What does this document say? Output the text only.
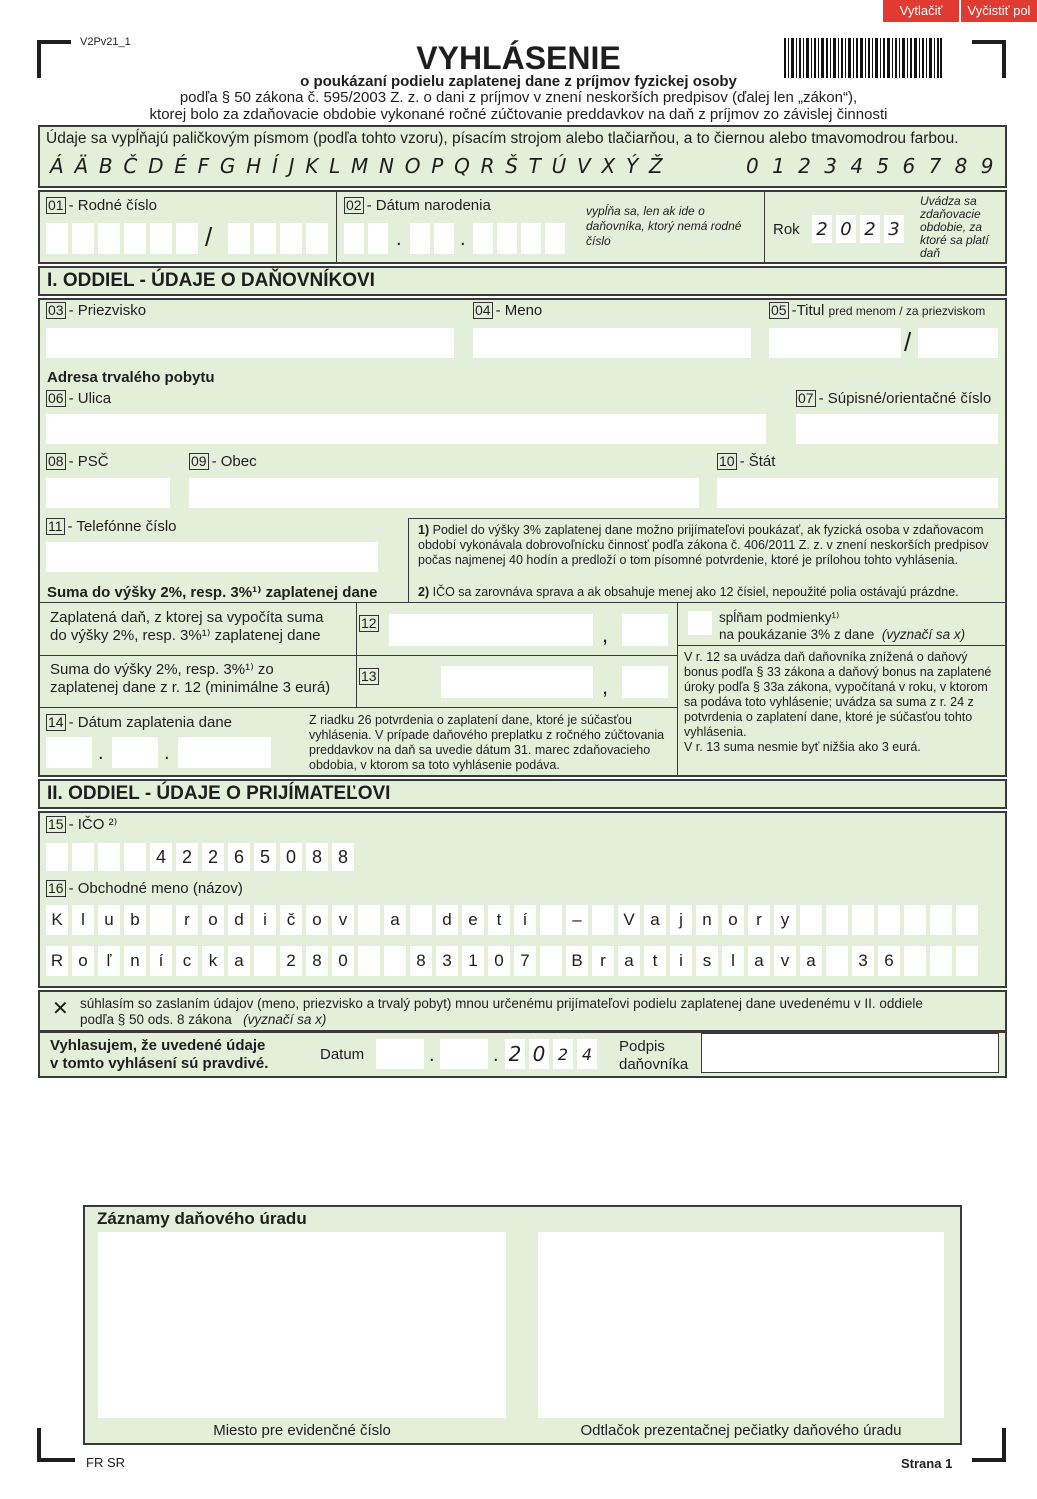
Vytlačiť	Vyčistiť pol
V2Pv21_1	VYHLÁSENIE
o poukázaní podielu zaplatenej dane z príjmov fyzickej osoby
podľa § 50 zákona č. 595/2003 Z. z. o dani z príjmov v znení neskorších predpisov (ďalej len „zákon“),
ktorej bolo za zdaňovacie obdobie vykonané ročné zúčtovanie preddavkov na daň z príjmov zo závislej činnosti
Údaje sa vypĺňajú paličkovým písmom (podľa tohto vzoru), písacím strojom alebo tlačiarňou, a to čiernou alebo tmavomodrou farbou.
Á Ä B Č D É F G H Í J K L M N O P Q R Š T Ú V X Ý Ž	0 1 2 3 4 5 6 7 8 9
01 - Rodné číslo
/
02 - Dátum narodenia	vypĺňa sa, len ak ide o daňovníka, ktorý nemá rodné číslo
.	.	Rok 2 0 2 3
Uvádza sa zdaňovacie obdobie, za ktoré sa platí daň
I. ODDIEL - ÚDAJE O DAŇOVNÍKOVI
03 - Priezvisko	04 - Meno	05 -Titul pred menom / za priezviskom
/
Adresa trvalého pobytu
06 - Ulica	07 - Súpisné/orientačné číslo
08 - PSČ	09 - Obec	10 - Štát
11 - Telefónne číslo	1) Podiel do výšky 3% zaplatenej dane možno prijímateľovi poukázať, ak fyzická osoba v zdaňovacom období vykonávala dobrovoľnícku činnosť podľa zákona č. 406/2011 Z. z. v znení neskorších predpisov počas najmenej 40 hodín a predloží o tom písomné potvrdenie, ktoré je prílohou tohto vyhlásenia.
2) IČO sa zarovnáva sprava a ak obsahuje menej ako 12 čísiel, nepoužité polia ostávajú prázdne.
Suma do výšky 2%, resp. 3%¹⁾ zaplatenej dane
Zaplatená daň, z ktorej sa vypočíta suma
do výšky 2%, resp. 3%¹⁾ zaplatenej dane
12	,
spĺňam podmienky¹⁾
na poukázanie 3% z dane (vyznačí sa x)
Suma do výšky 2%, resp. 3%¹⁾ zo
zaplatenej dane z r. 12 (minimálne 3 eurá)
13	,
V r. 12 sa uvádza daň daňovníka znížená o daňový bonus podľa § 33 zákona a daňový bonus na zaplatené úroky podľa § 33a zákona, vypočítaná v roku, v ktorom sa podáva toto vyhlásenie; uvádza sa suma z r. 24 z potvrdenia o zaplatení dane, ktoré je súčasťou tohto vyhlásenia.
V r. 13 suma nesmie byť nižšia ako 3 eurá.
14 - Dátum zaplatenia dane	Z riadku 26 potvrdenia o zaplatení dane, ktoré je súčasťou vyhlásenia. V prípade daňového preplatku z ročného zúčtovania preddavkov na daň sa uvedie dátum 31. marec zdaňovacieho obdobia, v ktorom sa toto vyhlásenie podáva.
.	.
II. ODDIEL - ÚDAJE O PRIJÍMATEĽOVI
15 - IČO ²⁾
4 2 2 6 5 0 8 8
16 - Obchodné meno (názov)
K	l	u b	r	o d	i	č	o	v	a	d e	t	í	–	V a	j	n o	r	y
R o	ľ	n	í	c	k	a	2 8 0	8 3 1 0 7	B	r	a	t	i	s	l	a	v	a	3 6
✕ súhlasím so zaslaním údajov (meno, priezvisko a trvalý pobyt) mnou určenému prijímateľovi podielu zaplatenej dane uvedenému v II. oddiele
podľa § 50 ods. 8 zákona (vyznačí sa x)
Vyhlasujem, že uvedené údaje
v tomto vyhlásení sú pravdivé.
Datum	.	. 2 0 2 4	Podpis
daňovníka
Záznamy daňového úradu
Miesto pre evidenčné číslo	Odtlačok prezentačnej pečiatky daňového úradu
FR SR	Strana 1
